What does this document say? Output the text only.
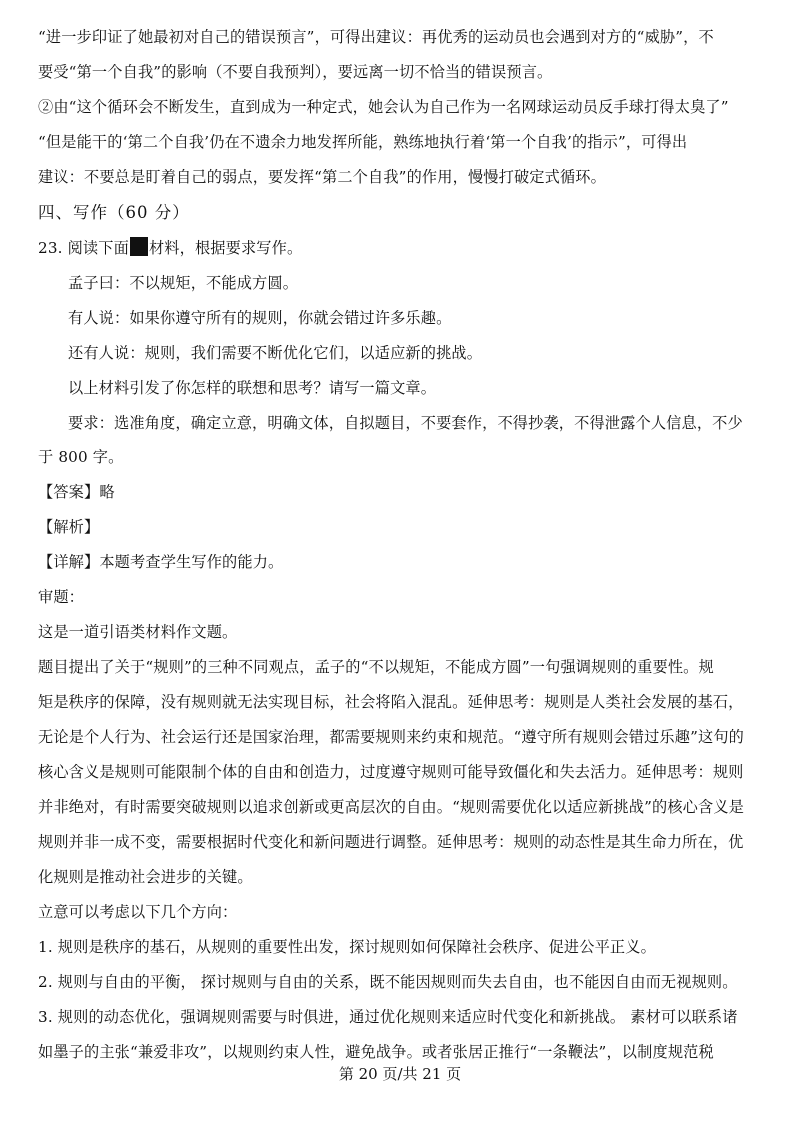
“进一步印证了她最初对自己的错误预言”，可得出建议：再优秀的运动员也会遇到对方的“威胁”，不
要受“第一个自我”的影响（不要自我预判），要远离一切不恰当的错误预言。
②由“这个循环会不断发生，直到成为一种定式，她会认为自己作为一名网球运动员反手球打得太臭了”
“但是能干的‘第二个自我’仍在不遗余力地发挥所能，熟练地执行着‘第一个自我’的指示”，可得出
建议：不要总是盯着自己的弱点，要发挥“第二个自我”的作用，慢慢打破定式循环。
四、写作（60 分）
23. 阅读下面 材料，根据要求写作。
孟子曰：不以规矩，不能成方圆。
有人说：如果你遵守所有的规则，你就会错过许多乐趣。
还有人说：规则，我们需要不断优化它们，以适应新的挑战。
以上材料引发了你怎样的联想和思考？请写一篇文章。
要求：选准角度，确定立意，明确文体，自拟题目，不要套作，不得抄袭，不得泄露个人信息，不少
于 800 字。
【答案】略
【解析】
【详解】本题考查学生写作的能力。
审题：
这是一道引语类材料作文题。
题目提出了关于“规则”的三种不同观点，孟子的“不以规矩，不能成方圆”一句强调规则的重要性。规
矩是秩序的保障，没有规则就无法实现目标，社会将陷入混乱。延伸思考：规则是人类社会发展的基石，
无论是个人行为、社会运行还是国家治理，都需要规则来约束和规范。“遵守所有规则会错过乐趣”这句的
核心含义是规则可能限制个体的自由和创造力，过度遵守规则可能导致僵化和失去活力。延伸思考：规则
并非绝对，有时需要突破规则以追求创新或更高层次的自由。“规则需要优化以适应新挑战”的核心含义是
规则并非一成不变，需要根据时代变化和新问题进行调整。延伸思考：规则的动态性是其生命力所在，优
化规则是推动社会进步的关键。
立意可以考虑以下几个方向：
1. 规则是秩序的基石，从规则的重要性出发，探讨规则如何保障社会秩序、促进公平正义。
2. 规则与自由的平衡， 探讨规则与自由的关系，既不能因规则而失去自由，也不能因自由而无视规则。
3. 规则的动态优化，强调规则需要与时俱进，通过优化规则来适应时代变化和新挑战。 素材可以联系诸
如墨子的主张“兼爱非攻”，以规则约束人性，避免战争。或者张居正推行“一条鞭法”，以制度规范税
第 20 页/共 21 页
